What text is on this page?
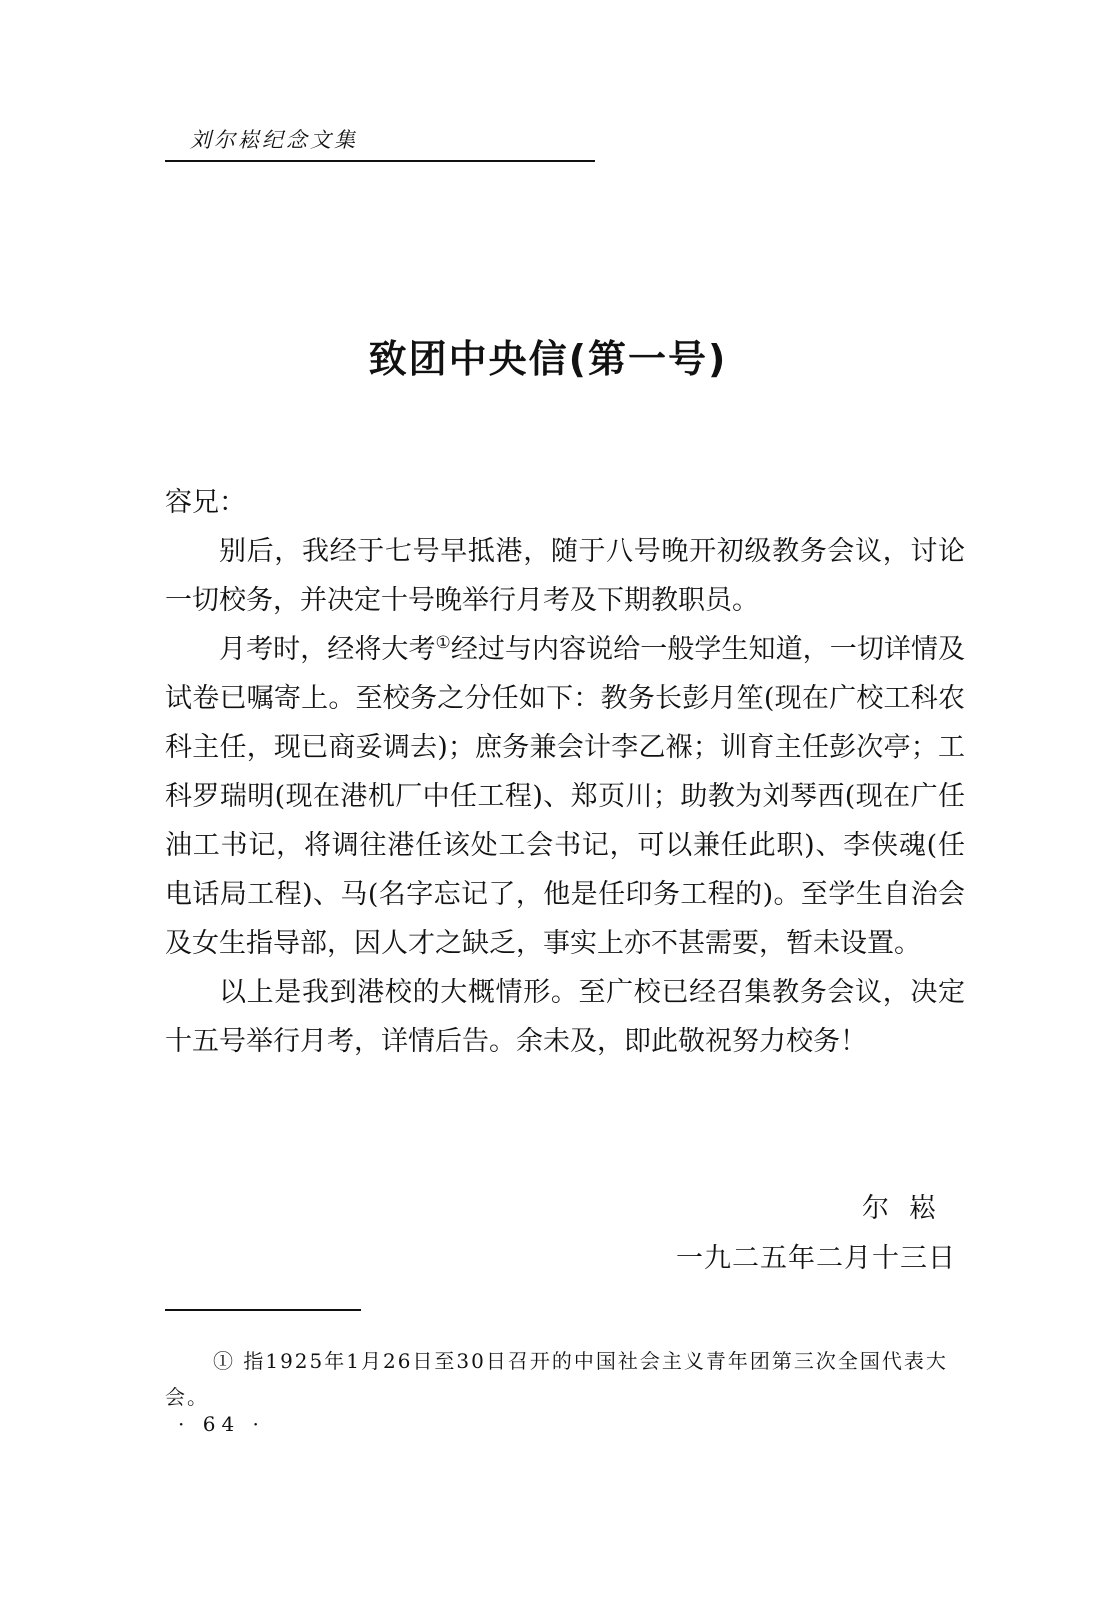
刘尔崧纪念文集
致团中央信(第一号)

容兄：

别后，我经于七号早抵港，随于八号晚开初级教务会议，讨论一切校务，并决定十号晚举行月考及下期教职员。

月考时，经将大考①经过与内容说给一般学生知道，一切详情及试卷已嘱寄上。至校务之分任如下：教务长彭月笙(现在广校工科农科主任，现已商妥调去)；庶务兼会计李乙褓；训育主任彭次亭；工科罗瑞明(现在港机厂中任工程)、郑页川；助教为刘琴西(现在广任油工书记，将调往港任该处工会书记，可以兼任此职)、李侠魂(任电话局工程)、马(名字忘记了，他是任印务工程的)。至学生自治会及女生指导部，因人才之缺乏，事实上亦不甚需要，暂未设置。

以上是我到港校的大概情形。至广校已经召集教务会议，决定十五号举行月考，详情后告。余未及，即此敬祝努力校务！

尔崧
一九二五年二月十三日

① 指1925年1月26日至30日召开的中国社会主义青年团第三次全国代表大会。

· 64 ·
